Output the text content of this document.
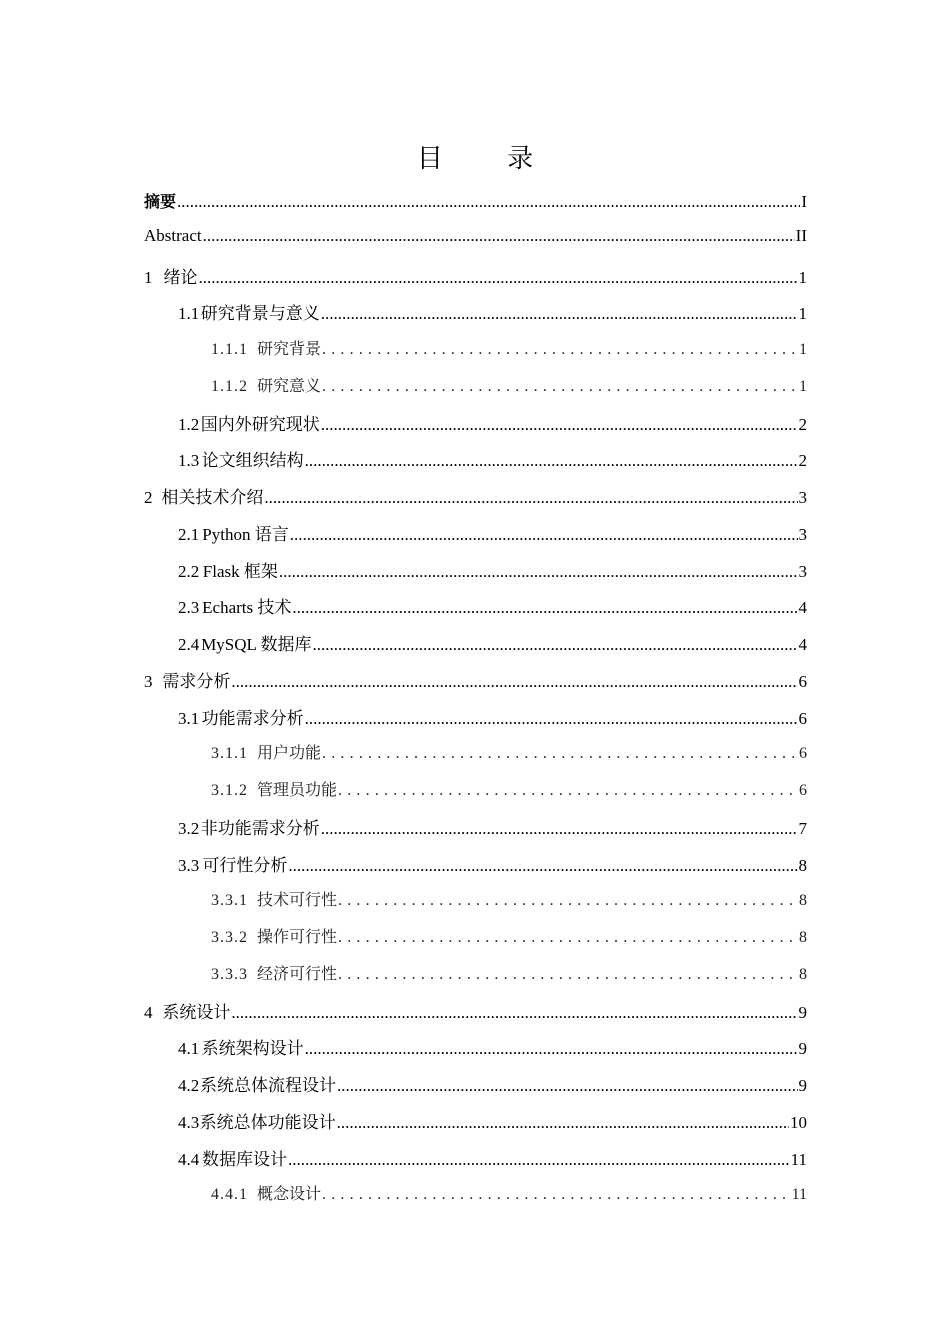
目 录
摘要 .....	I
Abstract .....	II
1 绪论 .....	1
1.1 研究背景与意义 .....	1
1.1.1 研究背景 . . .	1
1.1.2 研究意义 . . .	1
1.2 国内外研究现状 .....	2
1.3 论文组织结构 .....	2
2 相关技术介绍 .....	3
2.1 Python 语言 .....	3
2.2 Flask 框架 .....	3
2.3 Echarts 技术 .....	4
2.4 MySQL 数据库 .....	4
3 需求分析 .....	6
3.1 功能需求分析 .....	6
3.1.1 用户功能 . . .	6
3.1.2 管理员功能 . . .	6
3.2 非功能需求分析 .....	7
3.3 可行性分析 .....	8
3.3.1 技术可行性 . . .	8
3.3.2 操作可行性 . . .	8
3.3.3 经济可行性 . . .	8
4 系统设计 .....	9
4.1 系统架构设计 .....	9
4.2 系统总体流程设计 .....	9
4.3 系统总体功能设计 .....	10
4.4 数据库设计 .....	11
4.4.1 概念设计 . . .	11
